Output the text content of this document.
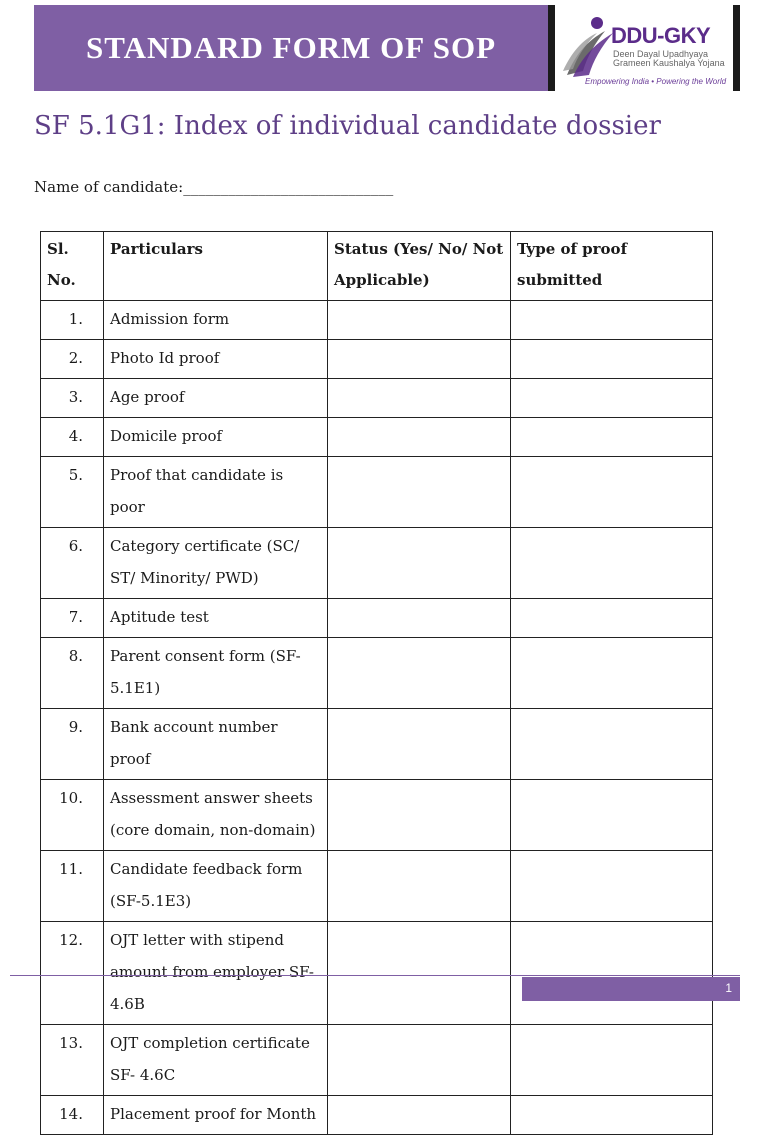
STANDARD FORM OF SOP	DDU-GKY
Deen Dayal Upadhyaya
Grameen Kaushalya Yojana
Empowering India • Powering the World
SF 5.1G1: Index of individual candidate dossier
Name of candidate:____________________________
Sl. No.	Particulars	Status (Yes/ No/ Not Applicable)	Type of proof submitted
1.	Admission form		
2.	Photo Id proof		
3.	Age proof		
4.	Domicile proof		
5.	Proof that candidate is poor		
6.	Category certificate (SC/ ST/ Minority/ PWD)		
7.	Aptitude test		
8.	Parent consent form (SF-5.1E1)		
9.	Bank account number proof		
10.	Assessment answer sheets (core domain, non-domain)		
11.	Candidate feedback form (SF-5.1E3)		
12.	OJT letter with stipend amount from employer SF-4.6B		
13.	OJT completion certificate SF- 4.6C		
14.	Placement proof for Month		
1
